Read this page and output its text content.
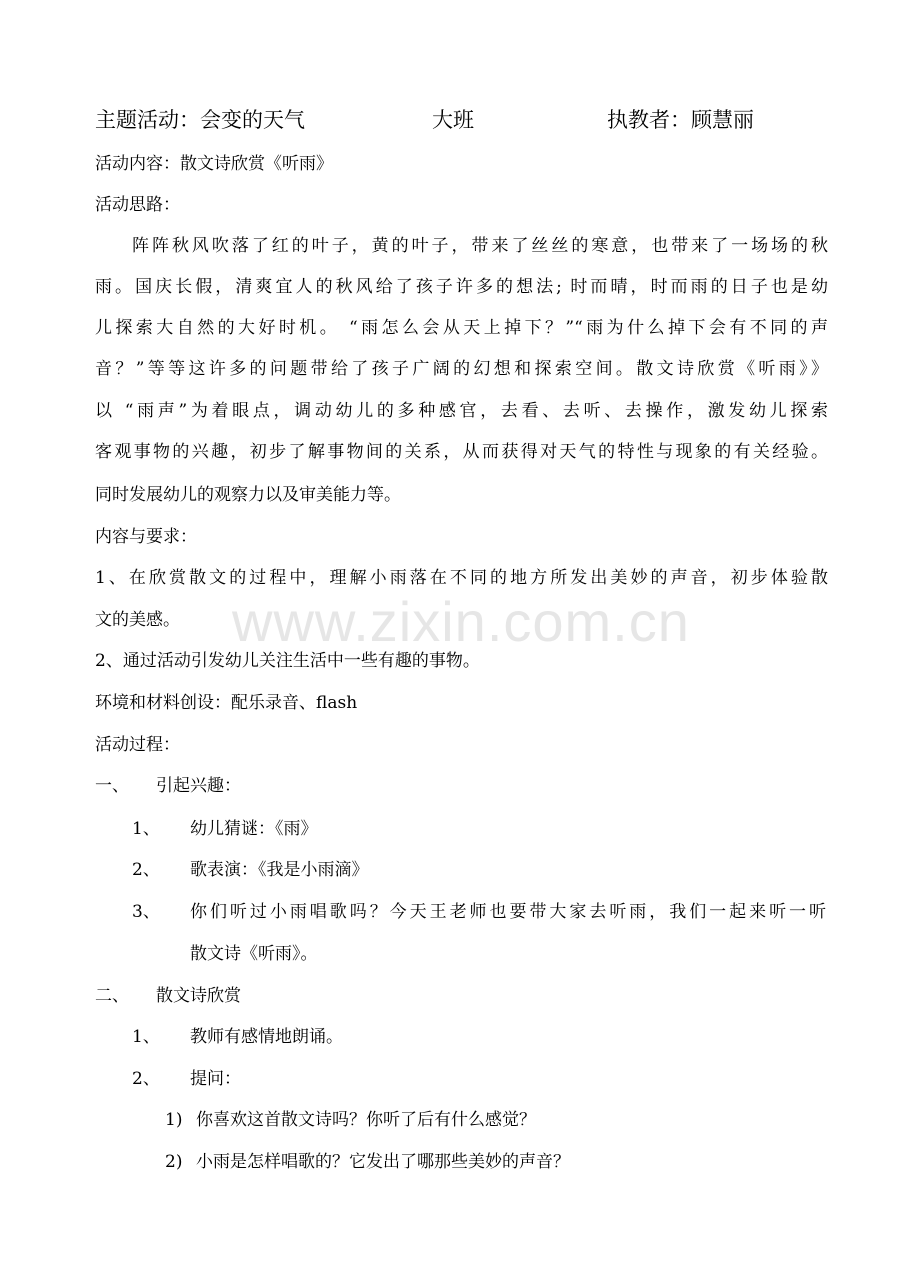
www.zixin.com.cn
主题活动：会变的天气	大班	执教者：顾慧丽
活动内容：散文诗欣赏《听雨》
活动思路：
阵阵秋风吹落了红的叶子，黄的叶子，带来了丝丝的寒意，也带来了一场场的秋
雨。国庆长假，清爽宜人的秋风给了孩子许多的想法; 时而晴，时而雨的日子也是幼
儿探索大自然的大好时机。 “雨怎么会从天上掉下？”“雨为什么掉下会有不同的声
音？”等等这许多的问题带给了孩子广阔的幻想和探索空间。散文诗欣赏《听雨》》
以 “雨声”为着眼点，调动幼儿的多种感官，去看、去听、去操作，激发幼儿探索
客观事物的兴趣，初步了解事物间的关系，从而获得对天气的特性与现象的有关经验。
同时发展幼儿的观察力以及审美能力等。
内容与要求：
1、在欣赏散文的过程中，理解小雨落在不同的地方所发出美妙的声音，初步体验散
文的美感。
2、通过活动引发幼儿关注生活中一些有趣的事物。
环境和材料创设：配乐录音、flash
活动过程：
一、 引起兴趣：
1、 幼儿猜谜：《雨》
2、 歌表演：《我是小雨滴》
3、 你们听过小雨唱歌吗？今天王老师也要带大家去听雨，我们一起来听一听
散文诗《听雨》。
二、 散文诗欣赏
1、 教师有感情地朗诵。
2、 提问：
1) 你喜欢这首散文诗吗？你听了后有什么感觉？
2) 小雨是怎样唱歌的？它发出了哪那些美妙的声音？
